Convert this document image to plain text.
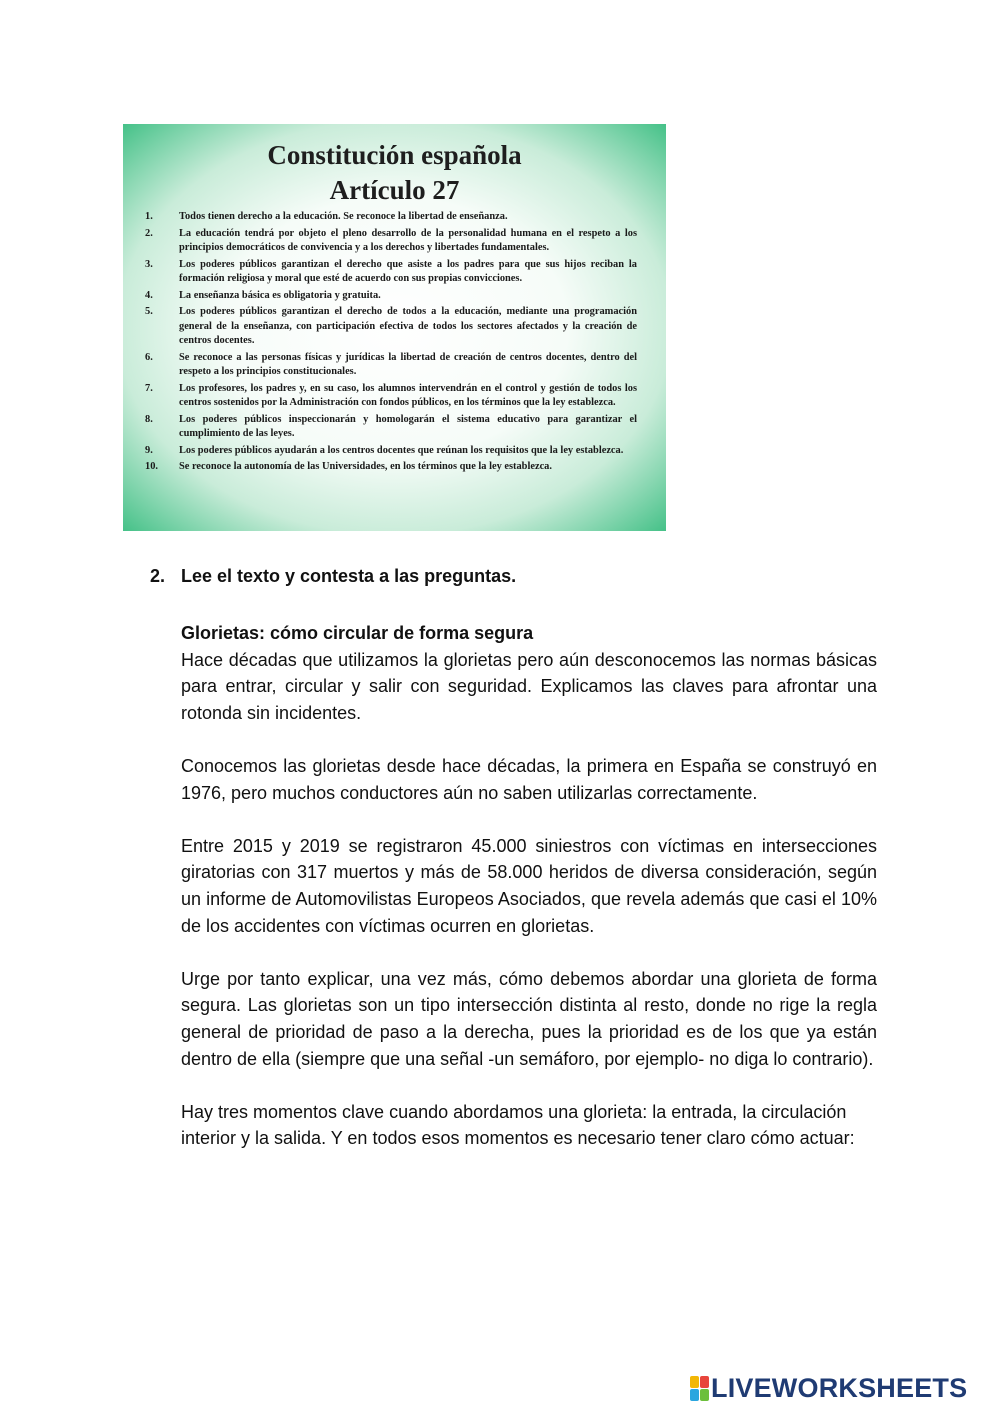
Constitución española
Artículo 27
1.	Todos tienen derecho a la educación. Se reconoce la libertad de enseñanza.
2.	La educación tendrá por objeto el pleno desarrollo de la personalidad humana en el respeto a los principios democráticos de convivencia y a los derechos y libertades fundamentales.
3.	Los poderes públicos garantizan el derecho que asiste a los padres para que sus hijos reciban la formación religiosa y moral que esté de acuerdo con sus propias convicciones.
4.	La enseñanza básica es obligatoria y gratuita.
5.	Los poderes públicos garantizan el derecho de todos a la educación, mediante una programación general de la enseñanza, con participación efectiva de todos los sectores afectados y la creación de centros docentes.
6.	Se reconoce a las personas físicas y jurídicas la libertad de creación de centros docentes, dentro del respeto a los principios constitucionales.
7.	Los profesores, los padres y, en su caso, los alumnos intervendrán en el control y gestión de todos los centros sostenidos por la Administración con fondos públicos, en los términos que la ley establezca.
8.	Los poderes públicos inspeccionarán y homologarán el sistema educativo para garantizar el cumplimiento de las leyes.
9.	Los poderes públicos ayudarán a los centros docentes que reúnan los requisitos que la ley establezca.
10.	Se reconoce la autonomía de las Universidades, en los términos que la ley establezca.
2. Lee el texto y contesta a las preguntas.
Glorietas: cómo circular de forma segura

Hace décadas que utilizamos la glorietas pero aún desconocemos las normas básicas para entrar, circular y salir con seguridad. Explicamos las claves para afrontar una rotonda sin incidentes.

Conocemos las glorietas desde hace décadas, la primera en España se construyó en 1976, pero muchos conductores aún no saben utilizarlas correctamente.

Entre 2015 y 2019 se registraron 45.000 siniestros con víctimas en intersecciones giratorias con 317 muertos y más de 58.000 heridos de diversa consideración, según un informe de Automovilistas Europeos Asociados, que revela además que casi el 10% de los accidentes con víctimas ocurren en glorietas.

Urge por tanto explicar, una vez más, cómo debemos abordar una glorieta de forma segura. Las glorietas son un tipo intersección distinta al resto, donde no rige la regla general de prioridad de paso a la derecha, pues la prioridad es de los que ya están dentro de ella (siempre que una señal -un semáforo, por ejemplo- no diga lo contrario).

Hay tres momentos clave cuando abordamos una glorieta: la entrada, la circulación interior y la salida. Y en todos esos momentos es necesario tener claro cómo actuar:

LIVEWORKSHEETS
